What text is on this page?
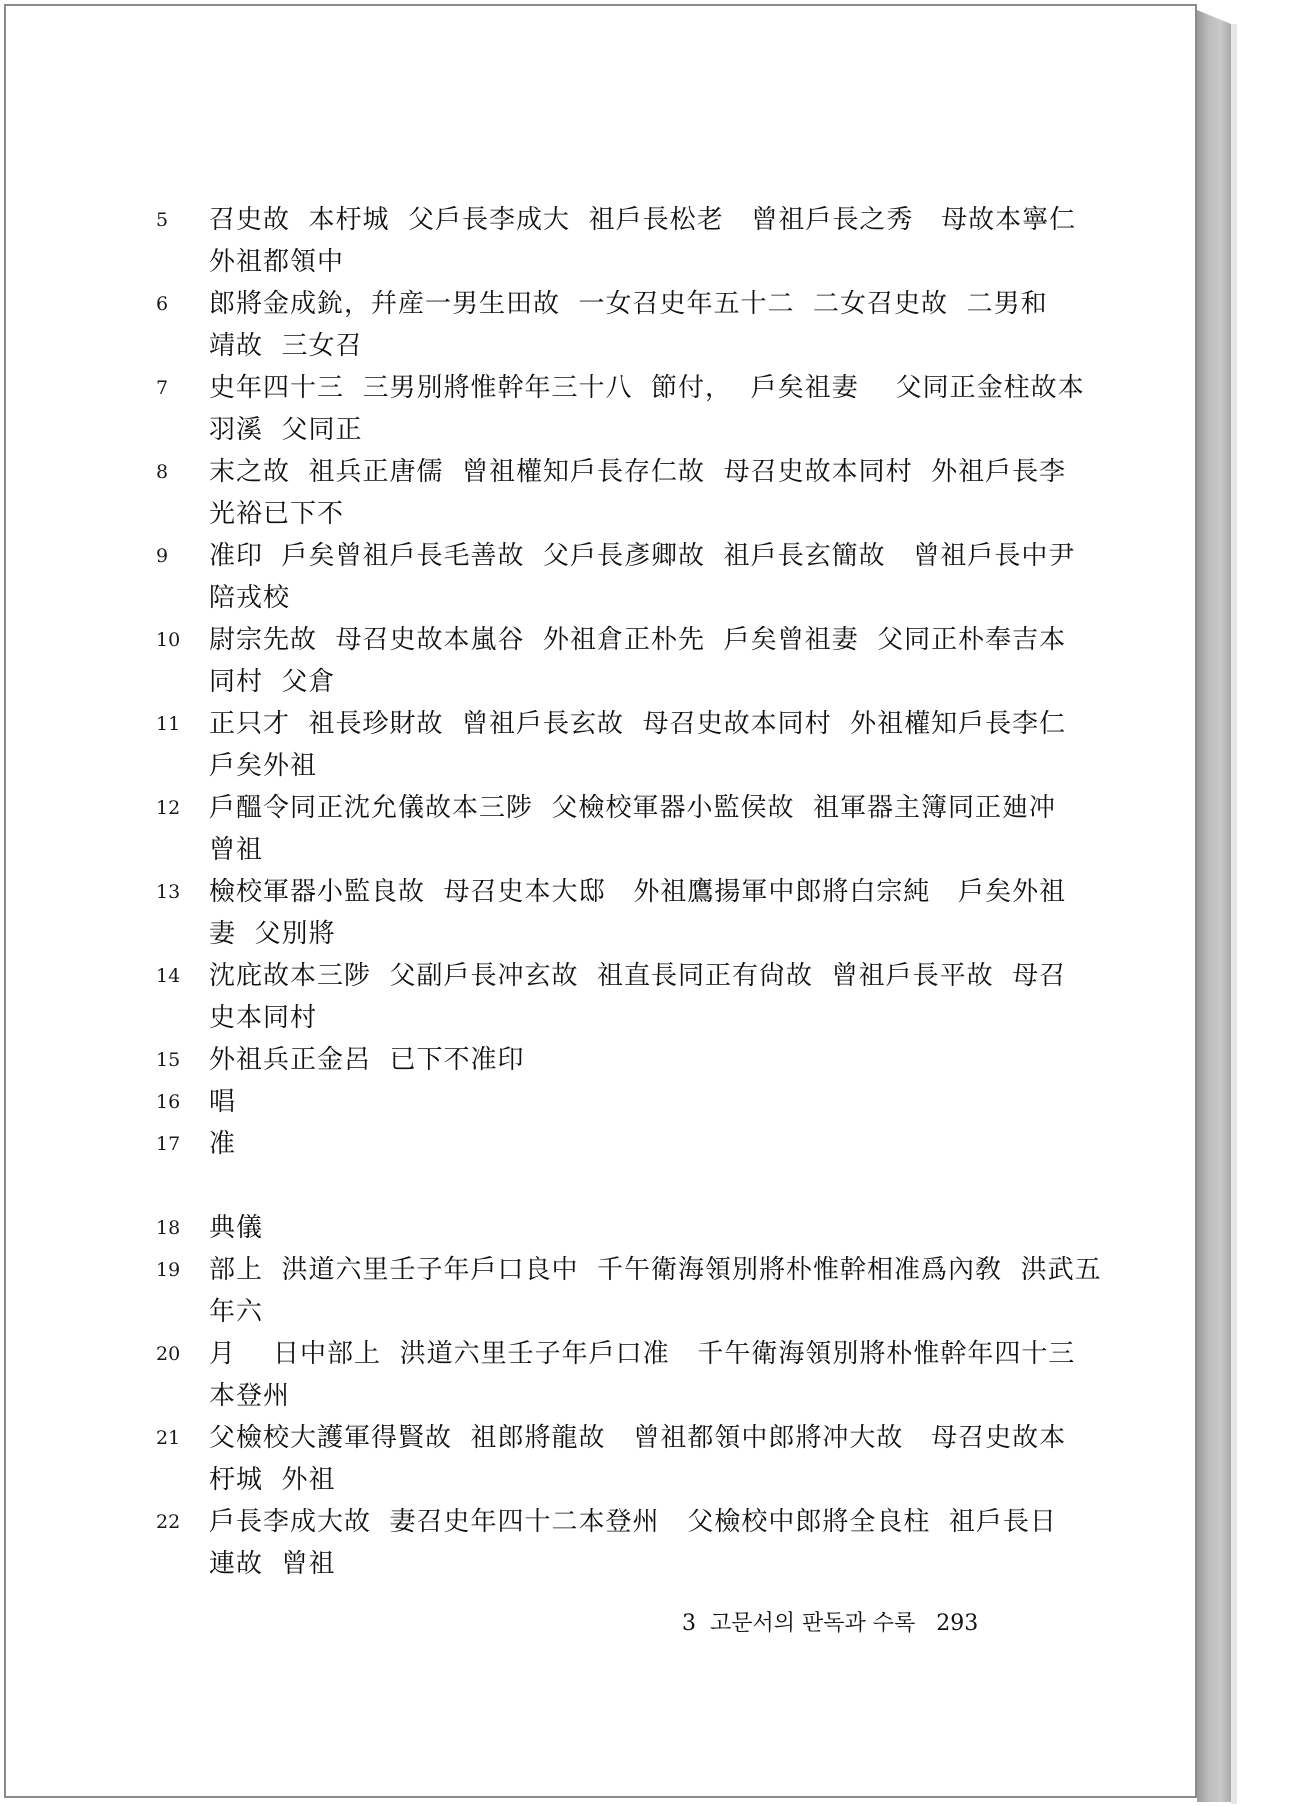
5	召史故  本杅城  父戶長李成大  祖戶長松老   曾祖戶長之秀   母故本寧仁
外祖都領中
6	郎將金成鈗，幷産一男生田故  一女召史年五十二  二女召史故  二男和
靖故  三女召
7	史年四十三  三男別將惟幹年三十八  節付，  戶矣祖妻    父同正金柱故本
羽溪  父同正
8	末之故  祖兵正唐儒  曾祖權知戶長存仁故  母召史故本同村  外祖戶長李
光裕已下不
9	准印  戶矣曾祖戶長毛善故  父戶長彥卿故  祖戶長玄簡故   曾祖戶長中尹
陪戎校
10	尉宗先故  母召史故本嵐谷  外祖倉正朴先  戶矣曾祖妻  父同正朴奉吉本
同村  父倉
11	正只才  祖長珍財故  曾祖戶長玄故  母召史故本同村  外祖權知戶長李仁
戶矣外祖
12	戶醞令同正沈允儀故本三陟  父檢校軍器小監侯故  祖軍器主簿同正廸冲
曾祖
13	檢校軍器小監良故  母召史本大邸   外祖鷹揚軍中郎將白宗純   戶矣外祖
妻  父別將
14	沈庇故本三陟  父副戶長冲玄故  祖直長同正有尙故  曾祖戶長平故  母召
史本同村
15	外祖兵正金呂  已下不准印
16	唱
17	准
18	典儀
19	部上  洪道六里壬子年戶口良中  千午衛海領別將朴惟幹相准爲內敎  洪武五
年六
20	月    日中部上  洪道六里壬子年戶口准   千午衛海領別將朴惟幹年四十三
本登州
21	父檢校大護軍得賢故  祖郎將龍故   曾祖都領中郎將冲大故   母召史故本
杅城  外祖
22	戶長李成大故  妻召史年四十二本登州   父檢校中郎將全良柱  祖戶長日
連故  曾祖
3 고문서의 판독과 수록 293
